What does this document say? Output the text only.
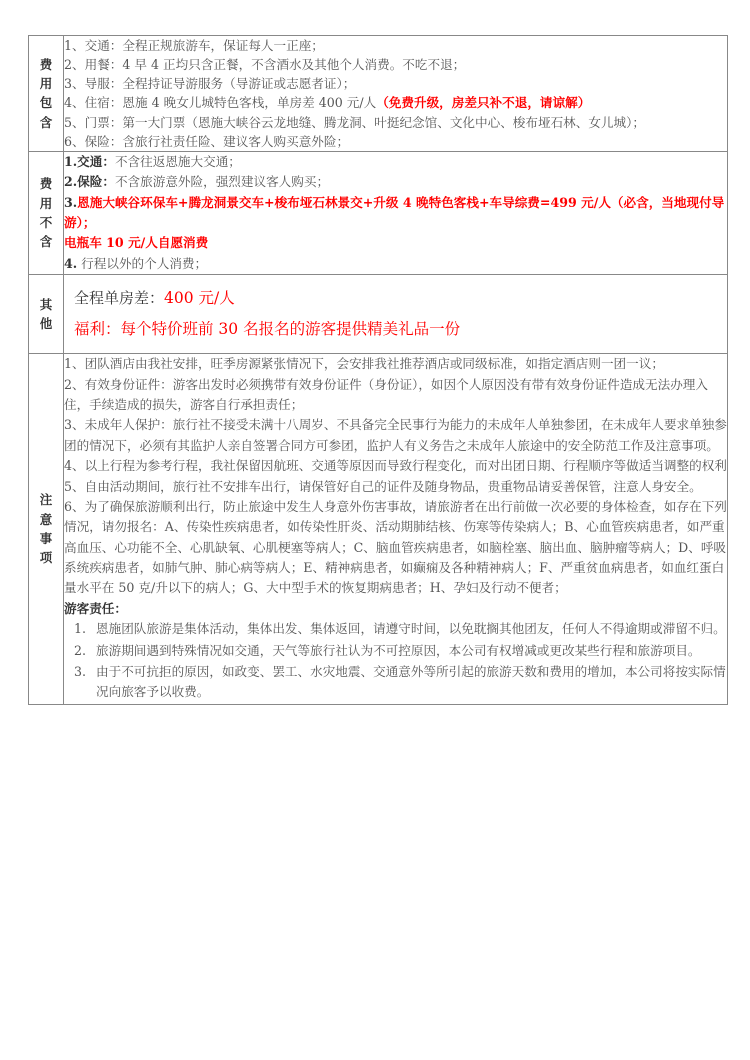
费
用
包
含

1、交通：全程正规旅游车，保证每人一正座；
2、用餐：4 早 4 正均只含正餐，不含酒水及其他个人消费。不吃不退；
3、导服：全程持证导游服务（导游证或志愿者证）；
4、住宿：恩施 4 晚女儿城特色客栈，单房差 400 元/人（免费升级，房差只补不退，请谅解）
5、门票：第一大门票（恩施大峡谷云龙地缝、腾龙洞、叶挺纪念馆、文化中心、梭布垭石林、女儿城）；
6、保险：含旅行社责任险、建议客人购买意外险；

费
用
不
含

1.交通：不含往返恩施大交通；
2.保险：不含旅游意外险，强烈建议客人购买；
3.恩施大峡谷环保车+腾龙洞景交车+梭布垭石林景交+升级 4 晚特色客栈+车导综费=499 元/人（必含，当地现付导游）；
电瓶车 10 元/人自愿消费
4. 行程以外的个人消费；

其
他

全程单房差：400 元/人
福利：每个特价班前 30 名报名的游客提供精美礼品一份

注
意
事
项

1、团队酒店由我社安排，旺季房源紧张情况下，会安排我社推荐酒店或同级标准，如指定酒店则一团一议；

2、有效身份证件：游客出发时必须携带有效身份证件（身份证），如因个人原因没有带有效身份证件造成无法办理入住，手续造成的损失，游客自行承担责任；

3、未成年人保护：旅行社不接受未满十八周岁、不具备完全民事行为能力的未成年人单独参团，在未成年人要求单独参团的情况下，必须有其监护人亲自签署合同方可参团，监护人有义务告之未成年人旅途中的安全防范工作及注意事项。

4、以上行程为参考行程，我社保留因航班、交通等原因而导致行程变化，而对出团日期、行程顺序等做适当调整的权利

5、自由活动期间，旅行社不安排车出行，请保管好自己的证件及随身物品，贵重物品请妥善保管，注意人身安全。

6、为了确保旅游顺利出行，防止旅途中发生人身意外伤害事故，请旅游者在出行前做一次必要的身体检查，如存在下列情况，请勿报名：A、传染性疾病患者，如传染性肝炎、活动期肺结核、伤寒等传染病人；B、心血管疾病患者，如严重高血压、心功能不全、心肌缺氧、心肌梗塞等病人；C、脑血管疾病患者，如脑栓塞、脑出血、脑肿瘤等病人；D、呼吸系统疾病患者，如肺气肿、肺心病等病人；E、精神病患者，如癫痫及各种精神病人；F、严重贫血病患者，如血红蛋白量水平在 50 克/升以下的病人；G、大中型手术的恢复期病患者；H、孕妇及行动不便者；

游客责任：

1. 恩施团队旅游是集体活动，集体出发、集体返回，请遵守时间，以免耽搁其他团友，任何人不得逾期或滞留不归。
2. 旅游期间遇到特殊情况如交通，天气等旅行社认为不可控原因，本公司有权增减或更改某些行程和旅游项目。
3. 由于不可抗拒的原因，如政变、罢工、水灾地震、交通意外等所引起的旅游天数和费用的增加，本公司将按实际情况向旅客予以收费。
